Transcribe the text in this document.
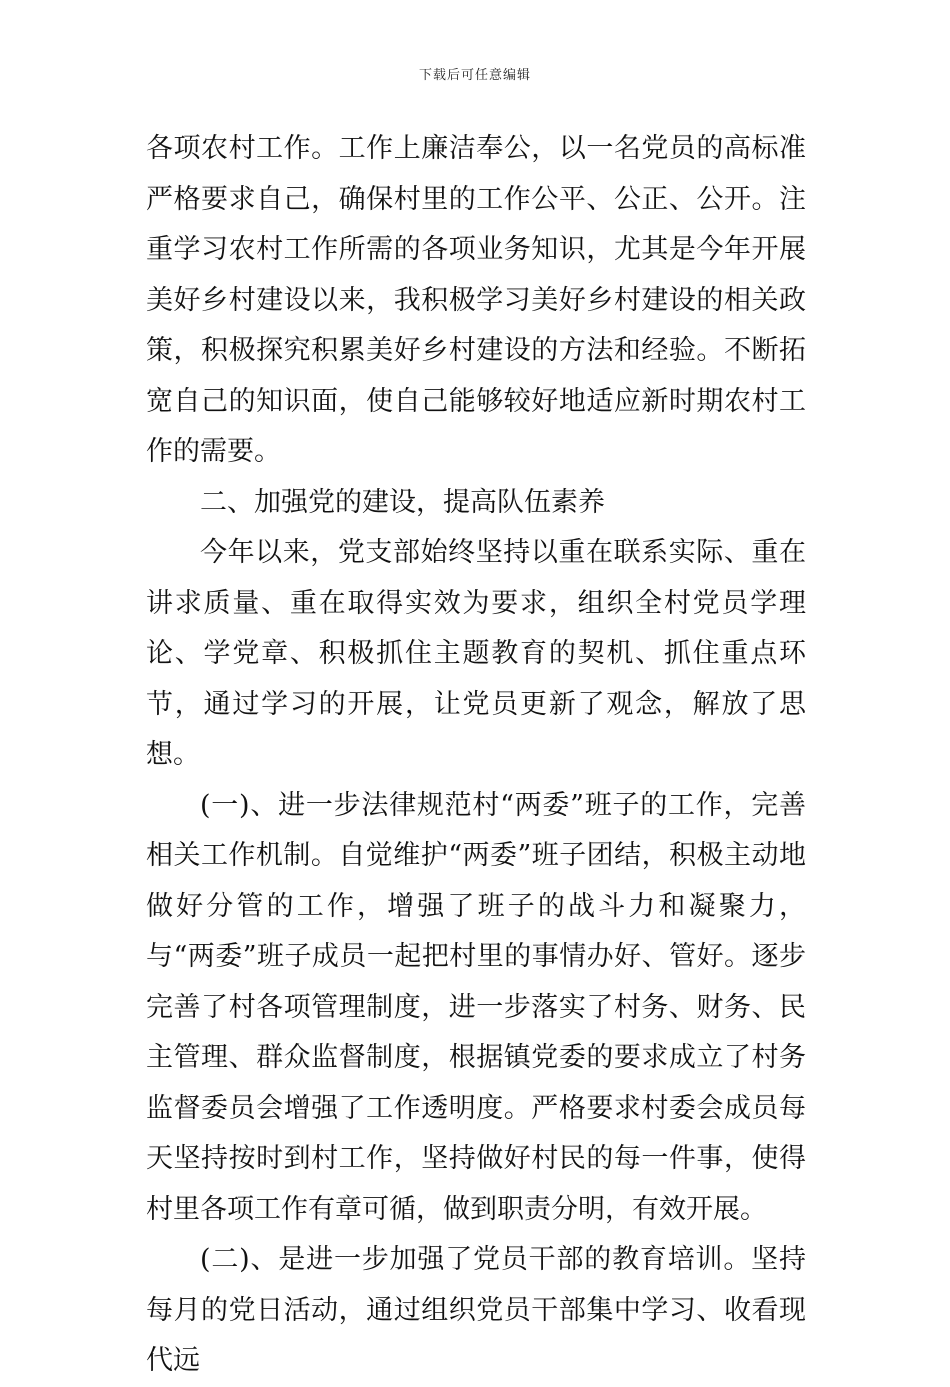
下载后可任意编辑

各项农村工作。工作上廉洁奉公，以一名党员的高标准严格要求自己，确保村里的工作公平、公正、公开。注重学习农村工作所需的各项业务知识，尤其是今年开展美好乡村建设以来，我积极学习美好乡村建设的相关政策，积极探究积累美好乡村建设的方法和经验。不断拓宽自己的知识面，使自己能够较好地适应新时期农村工作的需要。

二、加强党的建设，提高队伍素养

今年以来，党支部始终坚持以重在联系实际、重在讲求质量、重在取得实效为要求，组织全村党员学理论、学党章、积极抓住主题教育的契机、抓住重点环节，通过学习的开展，让党员更新了观念，解放了思想。

(一)、进一步法律规范村“两委”班子的工作，完善相关工作机制。自觉维护“两委”班子团结，积极主动地做好分管的工作，增强了班子的战斗力和凝聚力，与“两委”班子成员一起把村里的事情办好、管好。逐步完善了村各项管理制度，进一步落实了村务、财务、民主管理、群众监督制度，根据镇党委的要求成立了村务监督委员会增强了工作透明度。严格要求村委会成员每天坚持按时到村工作，坚持做好村民的每一件事，使得村里各项工作有章可循，做到职责分明，有效开展。

(二)、是进一步加强了党员干部的教育培训。坚持每月的党日活动，通过组织党员干部集中学习、收看现代远
